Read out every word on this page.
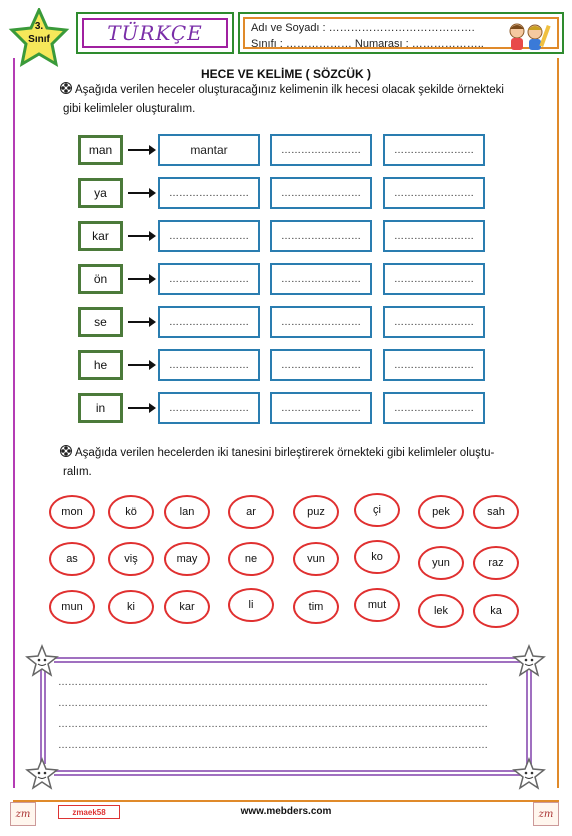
3.
Sınıf	TÜRKÇE	Adı ve Soyadı : ………………………………….
Sınıfı : ……………… Numarası : ………………..
HECE VE KELİME ( SÖZCÜK )
Aşağıda verilen heceler oluşturacağınız kelimenin ilk hecesi olacak şekilde örnekteki
gibi kelimleler oluşturalım.
man	mantar	……………………	……………………
ya	……………………	……………………	……………………
kar	……………………	……………………	……………………
ön	……………………	……………………	……………………
se	……………………	……………………	……………………
he	……………………	……………………	……………………
in	……………………	……………………	……………………
Aşağıda verilen hecelerden iki tanesini birleştirerek örnekteki gibi kelimleler oluştu-
ralım.
mon	kö	lan	ar	puz	çi	pek	sah
as	viş	may	ne	vun	ko	yun	raz
mun	ki	kar	li	tim	mut	lek	ka
…………………………………………………………………………………………………………………
…………………………………………………………………………………………………………………
…………………………………………………………………………………………………………………
…………………………………………………………………………………………………………………
zm	zmaek58	www.mebders.com	zm
